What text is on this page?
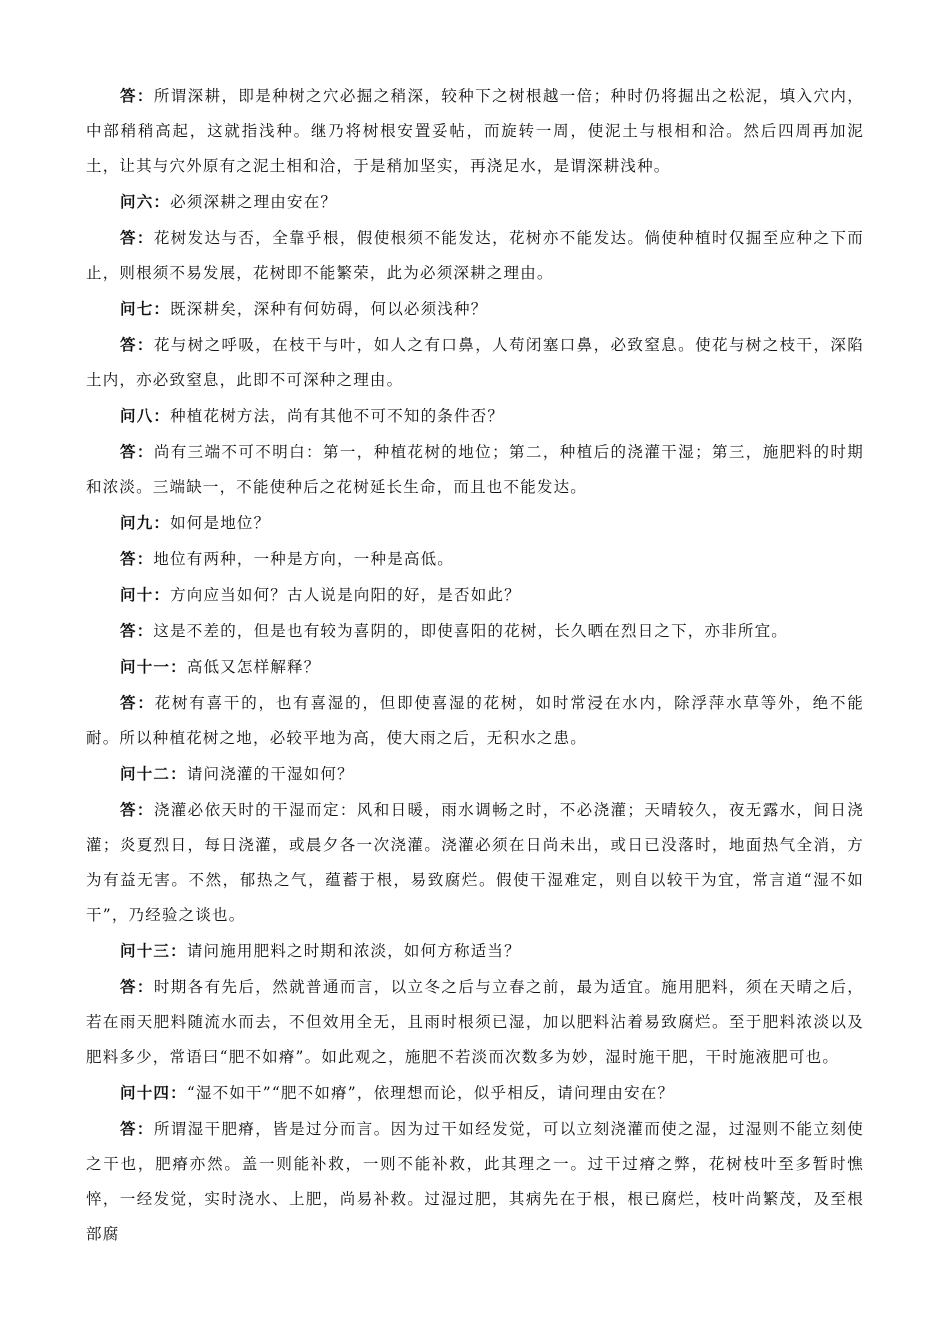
答：所谓深耕，即是种树之穴必掘之稍深，较种下之树根越一倍；种时仍将掘出之松泥，填入穴内，中部稍稍高起，这就指浅种。继乃将树根安置妥帖，而旋转一周，使泥土与根相和洽。然后四周再加泥土，让其与穴外原有之泥土相和洽，于是稍加坚实，再浇足水，是谓深耕浅种。

问六：必须深耕之理由安在？

答：花树发达与否，全靠乎根，假使根须不能发达，花树亦不能发达。倘使种植时仅掘至应种之下而止，则根须不易发展，花树即不能繁荣，此为必须深耕之理由。

问七：既深耕矣，深种有何妨碍，何以必须浅种？

答：花与树之呼吸，在枝干与叶，如人之有口鼻，人苟闭塞口鼻，必致窒息。使花与树之枝干，深陷土内，亦必致窒息，此即不可深种之理由。

问八：种植花树方法，尚有其他不可不知的条件否？

答：尚有三端不可不明白：第一，种植花树的地位；第二，种植后的浇灌干湿；第三，施肥料的时期和浓淡。三端缺一，不能使种后之花树延长生命，而且也不能发达。

问九：如何是地位？

答：地位有两种，一种是方向，一种是高低。

问十：方向应当如何？古人说是向阳的好，是否如此？

答：这是不差的，但是也有较为喜阴的，即使喜阳的花树，长久晒在烈日之下，亦非所宜。

问十一：高低又怎样解释？

答：花树有喜干的，也有喜湿的，但即使喜湿的花树，如时常浸在水内，除浮萍水草等外，绝不能耐。所以种植花树之地，必较平地为高，使大雨之后，无积水之患。

问十二：请问浇灌的干湿如何？

答：浇灌必依天时的干湿而定：风和日暖，雨水调畅之时，不必浇灌；天晴较久，夜无露水，间日浇灌；炎夏烈日，每日浇灌，或晨夕各一次浇灌。浇灌必须在日尚未出，或日已没落时，地面热气全消，方为有益无害。不然，郁热之气，蕴蓄于根，易致腐烂。假使干湿难定，则自以较干为宜，常言道“湿不如干”，乃经验之谈也。

问十三：请问施用肥料之时期和浓淡，如何方称适当？

答：时期各有先后，然就普通而言，以立冬之后与立春之前，最为适宜。施用肥料，须在天晴之后，若在雨天肥料随流水而去，不但效用全无，且雨时根须已湿，加以肥料沾着易致腐烂。至于肥料浓淡以及肥料多少，常语曰“肥不如瘠”。如此观之，施肥不若淡而次数多为妙，湿时施干肥，干时施液肥可也。

问十四：“湿不如干”“肥不如瘠”，依理想而论，似乎相反，请问理由安在？

答：所谓湿干肥瘠，皆是过分而言。因为过干如经发觉，可以立刻浇灌而使之湿，过湿则不能立刻使之干也，肥瘠亦然。盖一则能补救，一则不能补救，此其理之一。过干过瘠之弊，花树枝叶至多暂时憔悴，一经发觉，实时浇水、上肥，尚易补救。过湿过肥，其病先在于根，根已腐烂，枝叶尚繁茂，及至根部腐
